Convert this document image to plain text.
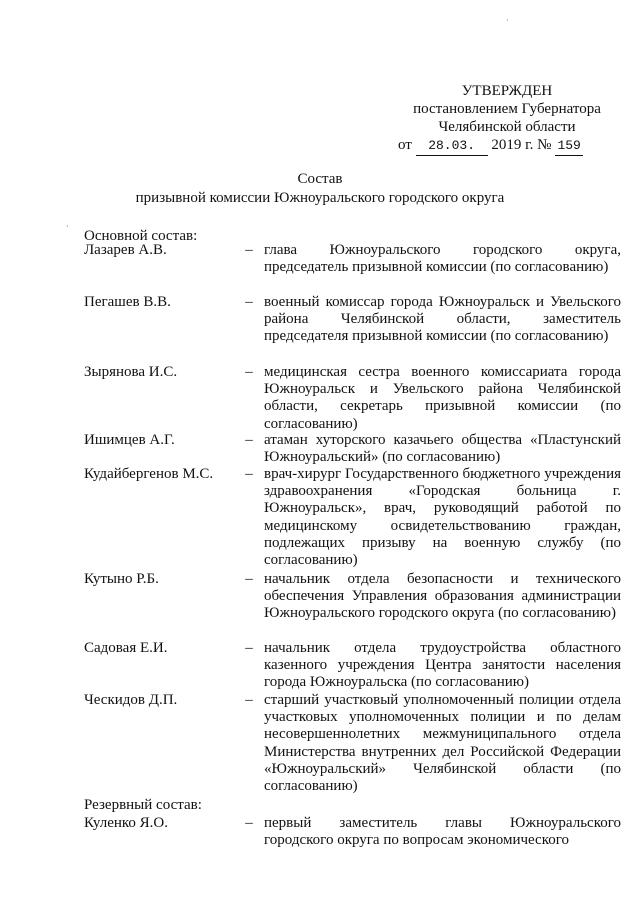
УТВЕРЖДЕН
постановлением Губернатора
Челябинской области
от 28.03. 2019 г. № 159
Состав
призывной комиссии Южноуральского городского округа
Основной состав:
Лазарев А.В.	– глава Южноуральского городского округа, председатель призывной комиссии (по согласованию)
Пегашев В.В.	– военный комиссар города Южноуральск и Увельского района Челябинской области, заместитель председателя призывной комиссии (по согласованию)
Зырянова И.С.	– медицинская сестра военного комиссариата города Южноуральск и Увельского района Челябинской области, секретарь призывной комиссии (по согласованию)
Ишимцев А.Г.	– атаман хуторского казачьего общества «Пластунский Южноуральский» (по согласованию)
Кудайбергенов М.С.	– врач-хирург Государственного бюджетного учреждения здравоохранения «Городская больница г. Южноуральск», врач, руководящий работой по медицинскому освидетельствованию граждан, подлежащих призыву на военную службу (по согласованию)
Кутыно Р.Б.	– начальник отдела безопасности и технического обеспечения Управления образования администрации Южноуральского городского округа (по согласованию)
Садовая Е.И.	– начальник отдела трудоустройства областного казенного учреждения Центра занятости населения города Южноуральска (по согласованию)
Ческидов Д.П.	– старший участковый уполномоченный полиции отдела участковых уполномоченных полиции и по делам несовершеннолетних межмуниципального отдела Министерства внутренних дел Российской Федерации «Южноуральский» Челябинской области (по согласованию)
Резервный состав:
Куленко Я.О.	– первый заместитель главы Южноуральского городского округа по вопросам экономического
·
·
